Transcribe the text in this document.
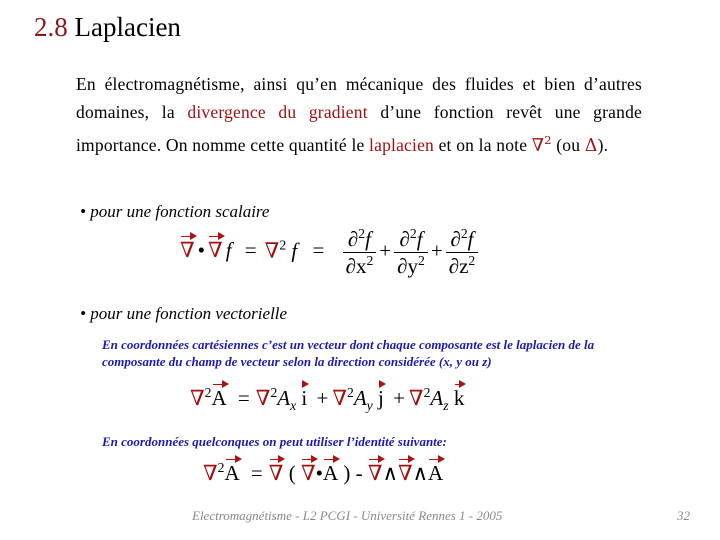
2.8 Laplacien
En électromagnétisme, ainsi qu’en mécanique des fluides et bien d’autres domaines, la divergence du gradient d’une fonction revêt une grande importance. On nomme cette quantité le laplacien et on la note ∇$^2$ (ou Δ).
• pour une fonction scalaire
∇ • ∇ f = ∇$^2$ $f = \frac{\partial^2f}{\partial x^2} + \frac{\partial^2f}{\partial y^2} + \frac{\partial^2f}{\partial z^2}$
• pour une fonction vectorielle
En coordonnées cartésiennes c’est un vecteur dont chaque composante est le laplacien de la composante du champ de vecteur selon la direction considérée (x, y ou z)
$\nabla^2A = \nabla^2A_x$ $i + \nabla^2A_y$ $j + \nabla^2A_z$ k
En coordonnées quelconques on peut utiliser l’identité suivante:
∇$^2$A = ∇ ( ∇•A ) - ∇∧∇∧A
Electromagnétisme - L2 PCGI - Université Rennes 1 - 2005	32
